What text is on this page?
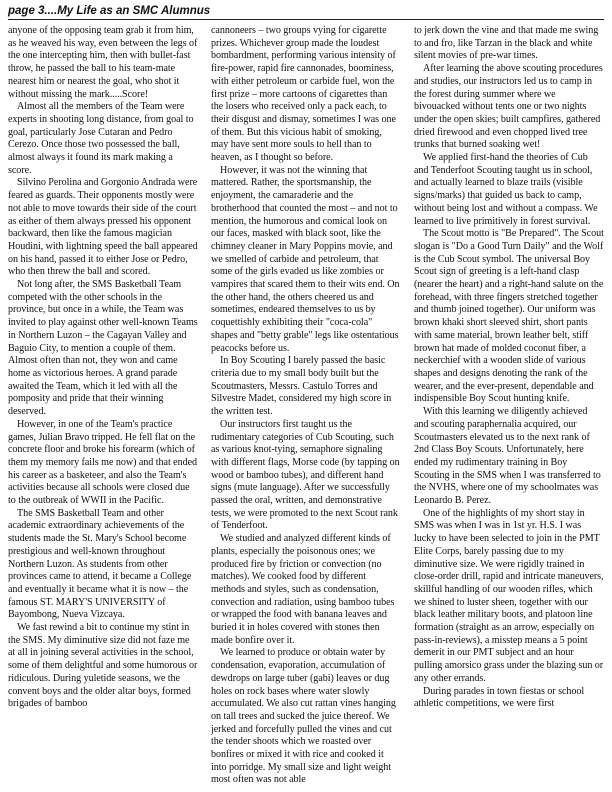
page 3....My Life as an SMC Alumnus

anyone of the opposing team grab it from him, as he weaved his way, even between the legs of the one intercepting him, then with bullet-fast throw, he passed the ball to his team-mate nearest him or nearest the goal, who shot it without missing the mark.....Score!

Almost all the members of the Team were experts in shooting long distance, from goal to goal, particularly Jose Cutaran and Pedro Cerezo. Once those two possessed the ball, almost always it found its mark making a score.

Silvino Perolina and Gorgonio Andrada were feared as guards. Their opponents mostly were not able to move towards their side of the court as either of them always pressed his opponent backward, then like the famous magician Houdini, with lightning speed the ball appeared on his hand, passed it to either Jose or Pedro, who then threw the ball and scored.

Not long after, the SMS Basketball Team competed with the other schools in the province, but once in a while, the Team was invited to play against other well-known Teams in Northern Luzon – the Cagayan Valley and Baguio City, to mention a couple of them. Almost often than not, they won and came home as victorious heroes. A grand parade awaited the Team, which it led with all the pomposity and pride that their winning deserved.

However, in one of the Team's practice games, Julian Bravo tripped. He fell flat on the concrete floor and broke his forearm (which of them my memory fails me now) and that ended his career as a basketeer, and also the Team's activities because all schools were closed due to the outbreak of WWII in the Pacific.

The SMS Basketball Team and other academic extraordinary achievements of the students made the St. Mary's School become prestigious and well-known throughout Northern Luzon. As students from other provinces came to attend, it became a College and eventually it became what it is now – the famous ST. MARY'S UNIVERSITY of Bayombong, Nueva Vizcaya.

We fast rewind a bit to continue my stint in the SMS. My diminutive size did not faze me at all in joining several activities in the school, some of them delightful and some humorous or ridiculous. During yuletide seasons, we the convent boys and the older altar boys, formed brigades of bamboo

cannoneers – two groups vying for cigarette prizes. Whichever group made the loudest bombardment, performing various intensity of fire-power, rapid fire cannonades, boominess, with either petroleum or carbide fuel, won the first prize – more cartoons of cigarettes than the losers who received only a pack each, to their disgust and dismay, sometimes I was one of them. But this vicious habit of smoking, may have sent more souls to hell than to heaven, as I thought so before.

However, it was not the winning that mattered. Rather, the sportsmanship, the enjoyment, the camaraderie and the brotherhood that counted the most – and not to mention, the humorous and comical look on our faces, masked with black soot, like the chimney cleaner in Mary Poppins movie, and we smelled of carbide and petroleum, that some of the girls evaded us like zombies or vampires that scared them to their wits end. On the other hand, the others cheered us and sometimes, endeared themselves to us by coquettishly exhibiting their "coca-cola" shapes and "betty grable" legs like ostentatious peacocks before us.

In Boy Scouting I barely passed the basic criteria due to my small body built but the Scoutmasters, Messrs. Castulo Torres and Silvestre Madet, considered my high score in the written test.

Our instructors first taught us the rudimentary categories of Cub Scouting, such as various knot-tying, semaphore signaling with different flags, Morse code (by tapping on wood or bamboo tubes), and different hand signs (mute language). After we successfully passed the oral, written, and demonstrative tests, we were promoted to the next Scout rank of Tenderfoot.

We studied and analyzed different kinds of plants, especially the poisonous ones; we produced fire by friction or convection (no matches). We cooked food by different methods and styles, such as condensation, convection and radiation, using bamboo tubes or wrapped the food with banana leaves and buried it in holes covered with stones then made bonfire over it.

We learned to produce or obtain water by condensation, evaporation, accumulation of dewdrops on large tuber (gabi) leaves or dug holes on rock bases where water slowly accumulated. We also cut rattan vines hanging on tall trees and sucked the juice thereof. We jerked and forcefully pulled the vines and cut the tender shoots which we roasted over bonfires or mixed it with rice and cooked it into porridge. My small size and light weight most often was not able

to jerk down the vine and that made me swing to and fro, like Tarzan in the black and white silent movies of pre-war times.

After learning the above scouting procedures and studies, our instructors led us to camp in the forest during summer where we bivouacked without tents one or two nights under the open skies; built campfires, gathered dried firewood and even chopped lived tree trunks that burned soaking wet!

We applied first-hand the theories of Cub and Tenderfoot Scouting taught us in school, and actually learned to blaze trails (visible signs/marks) that guided us back to camp, without being lost and without a compass. We learned to live primitively in forest survival.

The Scout motto is "Be Prepared". The Scout slogan is "Do a Good Turn Daily" and the Wolf is the Cub Scout symbol. The universal Boy Scout sign of greeting is a left-hand clasp (nearer the heart) and a right-hand salute on the forehead, with three fingers stretched together and thumb joined together). Our uniform was brown khaki short sleeved shirt, short pants with same material, brown leather belt, stiff brown hat made of molded coconut fiber, a neckerchief with a wooden slide of various shapes and designs denoting the rank of the wearer, and the ever-present, dependable and indispensible Boy Scout hunting knife.

With this learning we diligently achieved and scouting paraphernalia acquired, our Scoutmasters elevated us to the next rank of 2nd Class Boy Scouts. Unfortunately, here ended my rudimentary training in Boy Scouting in the SMS when I was transferred to the NVHS, where one of my schoolmates was Leonardo B. Perez.

One of the highlights of my short stay in SMS was when I was in 1st yr. H.S. I was lucky to have been selected to join in the PMT Elite Corps, barely passing due to my diminutive size. We were rigidly trained in close-order drill, rapid and intricate maneuvers, skillful handling of our wooden rifles, which we shined to luster sheen, together with our black leather military boots, and platoon line formation (straight as an arrow, especially on pass-in-reviews), a misstep means a 5 point demerit in our PMT subject and an hour pulling amorsico grass under the blazing sun or any other errands.

During parades in town fiestas or school athletic competitions, we were first
